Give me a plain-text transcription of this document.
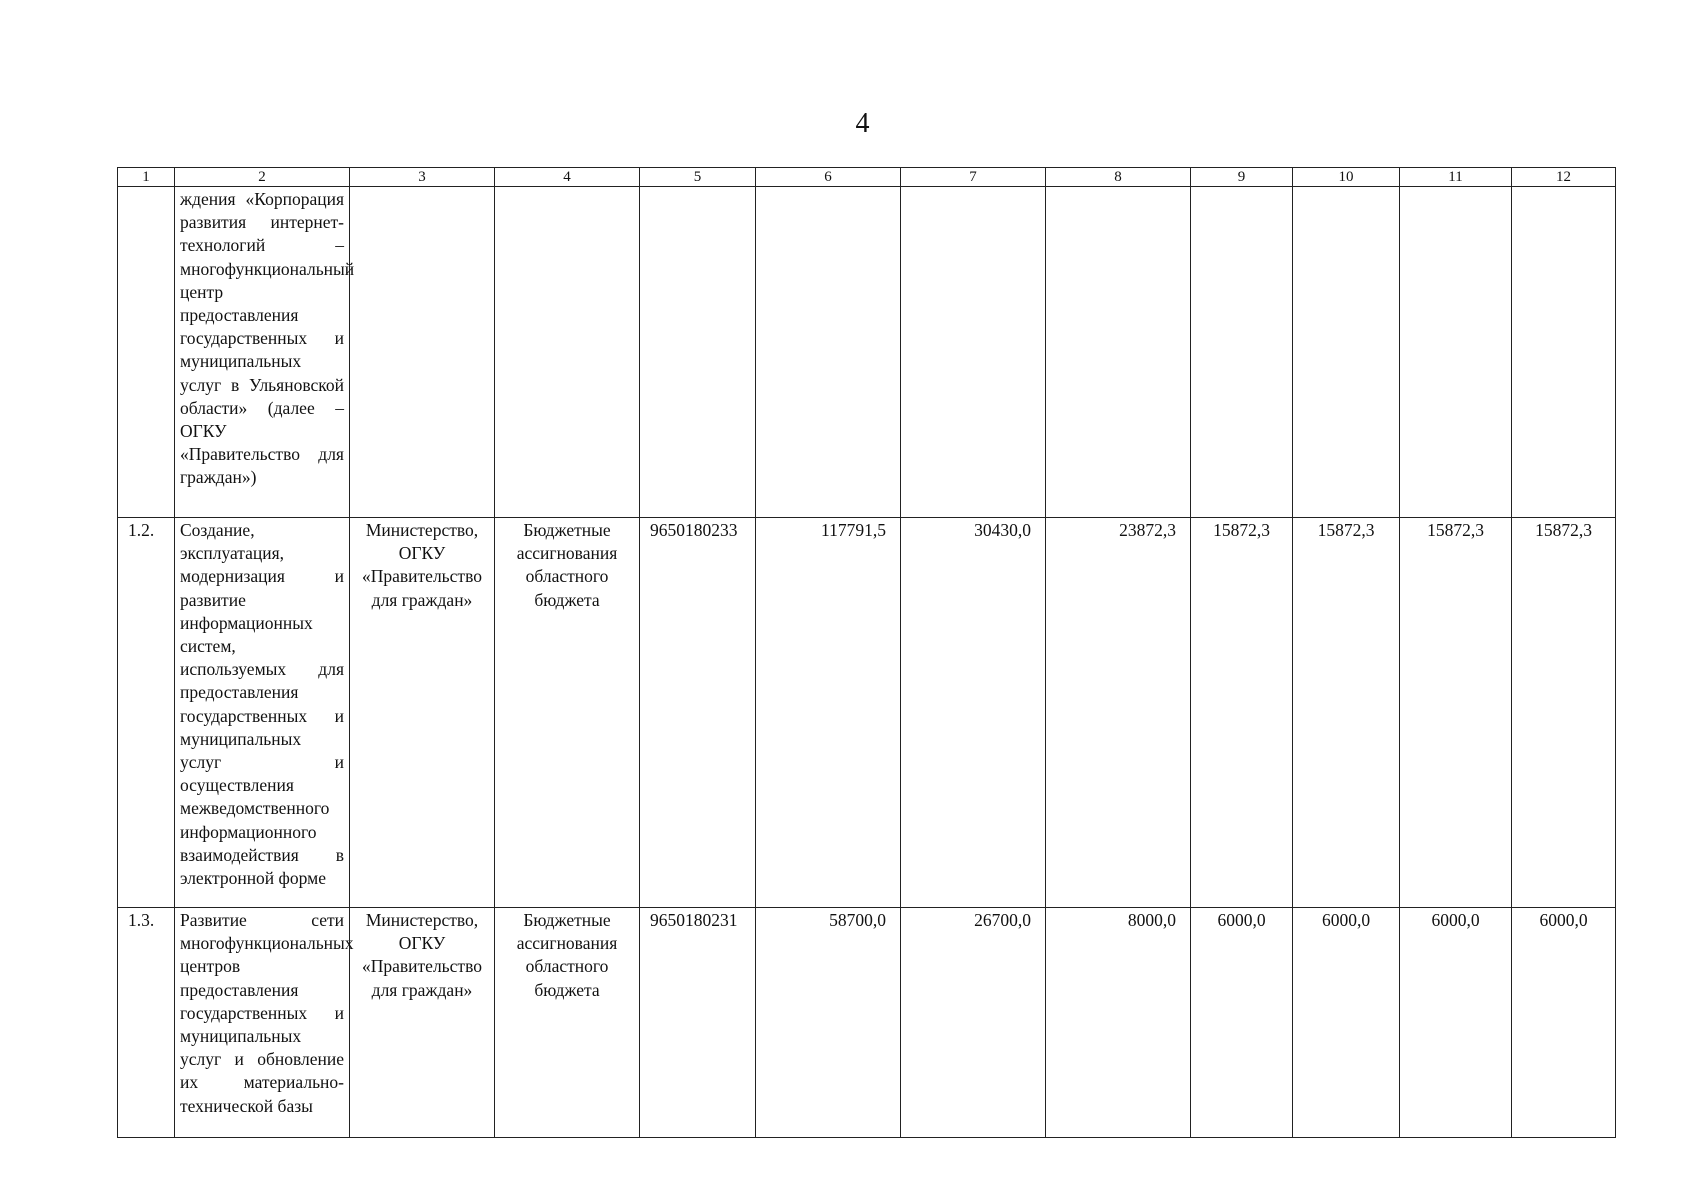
4
1	2	3	4	5	6	7	8	9	10	11	12
	ждения «Корпорация развития интернет-технологий – многофункциональный центр предоставления государственных и муниципальных услуг в Ульяновской области» (далее – ОГКУ «Правительство для граждан»)										
1.2.	Создание, эксплуатация, модернизация и развитие информационных систем, используемых для предоставления государственных и муниципальных услуг и осуществления межведомственного информационного взаимодействия в электронной форме	Министерство, ОГКУ «Правительство для граждан»	Бюджетные ассигнования областного бюджета	9650180233	117791,5	30430,0	23872,3	15872,3	15872,3	15872,3	15872,3
1.3.	Развитие сети многофункциональных центров предоставления государственных и муниципальных услуг и обновление их материально-технической базы	Министерство, ОГКУ «Правительство для граждан»	Бюджетные ассигнования областного бюджета	9650180231	58700,0	26700,0	8000,0	6000,0	6000,0	6000,0	6000,0
